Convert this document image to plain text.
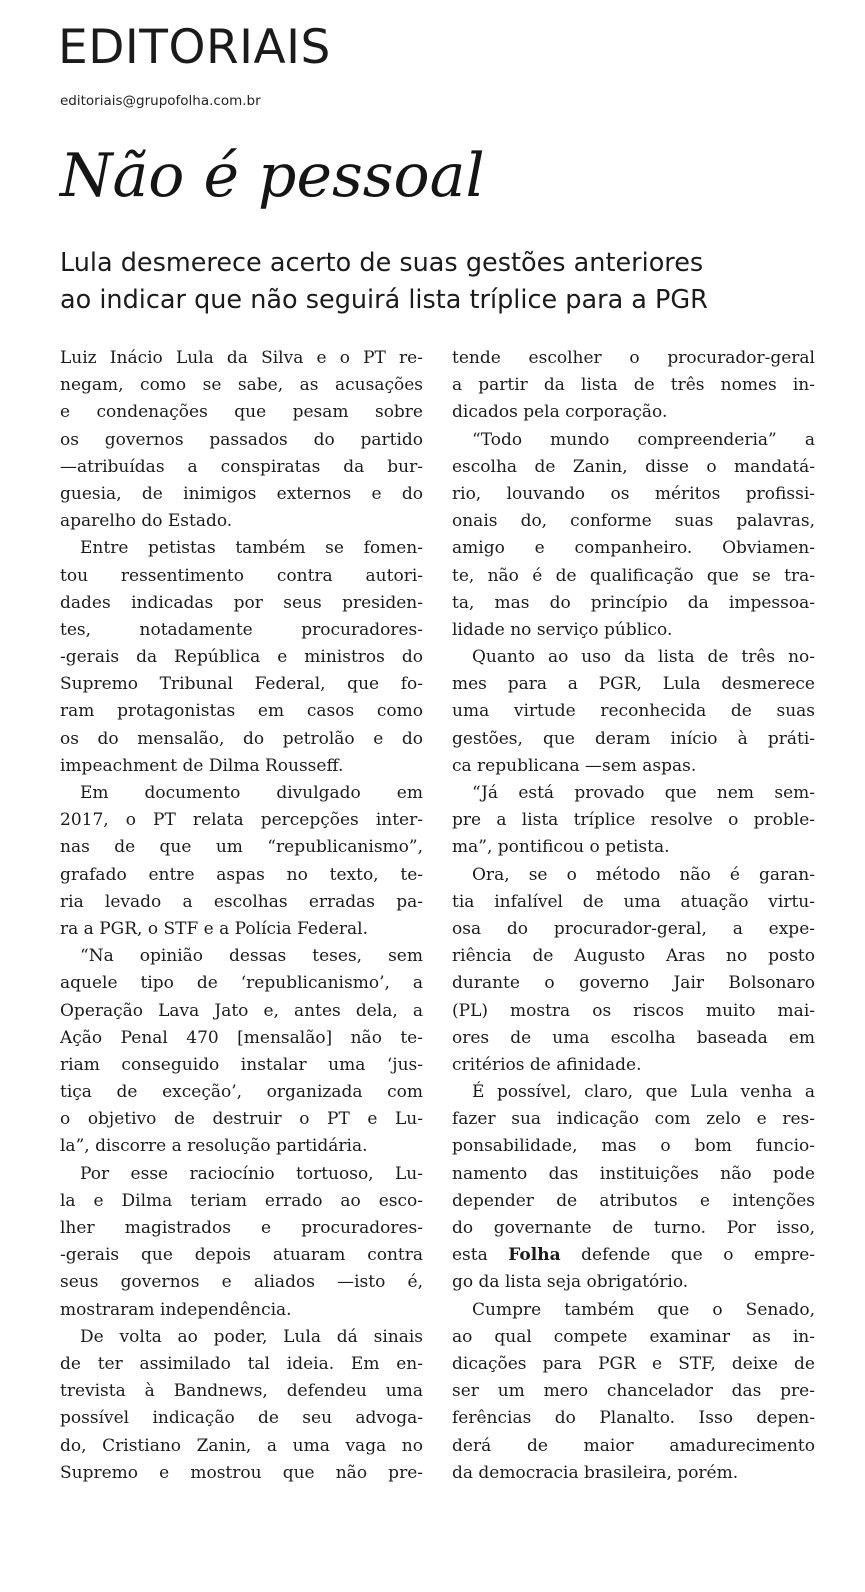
EDITORIAIS
editoriais@grupofolha.com.br
Não é pessoal

Lula desmerece acerto de suas gestões anteriores
ao indicar que não seguirá lista tríplice para a PGR

Luiz Inácio Lula da Silva e o PT re-
negam, como se sabe, as acusações
e condenações que pesam sobre
os governos passados do partido
—atribuídas a conspiratas da bur-
guesia, de inimigos externos e do
aparelho do Estado.
Entre petistas também se fomen-
tou ressentimento contra autori-
dades indicadas por seus presiden-
tes, notadamente procuradores-
-gerais da República e ministros do
Supremo Tribunal Federal, que fo-
ram protagonistas em casos como
os do mensalão, do petrolão e do
impeachment de Dilma Rousseff.
Em documento divulgado em
2017, o PT relata percepções inter-
nas de que um “republicanismo”,
grafado entre aspas no texto, te-
ria levado a escolhas erradas pa-
ra a PGR, o STF e a Polícia Federal.
“Na opinião dessas teses, sem
aquele tipo de ‘republicanismo’, a
Operação Lava Jato e, antes dela, a
Ação Penal 470 [mensalão] não te-
riam conseguido instalar uma ‘jus-
tiça de exceção’, organizada com
o objetivo de destruir o PT e Lu-
la”, discorre a resolução partidária.
Por esse raciocínio tortuoso, Lu-
la e Dilma teriam errado ao esco-
lher magistrados e procuradores-
-gerais que depois atuaram contra
seus governos e aliados —isto é,
mostraram independência.
De volta ao poder, Lula dá sinais
de ter assimilado tal ideia. Em en-
trevista à Bandnews, defendeu uma
possível indicação de seu advoga-
do, Cristiano Zanin, a uma vaga no
Supremo e mostrou que não pre-
tende escolher o procurador-geral
a partir da lista de três nomes in-
dicados pela corporação.
“Todo mundo compreenderia” a
escolha de Zanin, disse o mandatá-
rio, louvando os méritos profissi-
onais do, conforme suas palavras,
amigo e companheiro. Obviamen-
te, não é de qualificação que se tra-
ta, mas do princípio da impessoa-
lidade no serviço público.
Quanto ao uso da lista de três no-
mes para a PGR, Lula desmerece
uma virtude reconhecida de suas
gestões, que deram início à práti-
ca republicana —sem aspas.
“Já está provado que nem sem-
pre a lista tríplice resolve o proble-
ma”, pontificou o petista.
Ora, se o método não é garan-
tia infalível de uma atuação virtu-
osa do procurador-geral, a expe-
riência de Augusto Aras no posto
durante o governo Jair Bolsonaro
(PL) mostra os riscos muito mai-
ores de uma escolha baseada em
critérios de afinidade.
É possível, claro, que Lula venha a
fazer sua indicação com zelo e res-
ponsabilidade, mas o bom funcio-
namento das instituições não pode
depender de atributos e intenções
do governante de turno. Por isso,
esta Folha defende que o empre-
go da lista seja obrigatório.
Cumpre também que o Senado,
ao qual compete examinar as in-
dicações para PGR e STF, deixe de
ser um mero chancelador das pre-
ferências do Planalto. Isso depen-
derá de maior amadurecimento
da democracia brasileira, porém.
